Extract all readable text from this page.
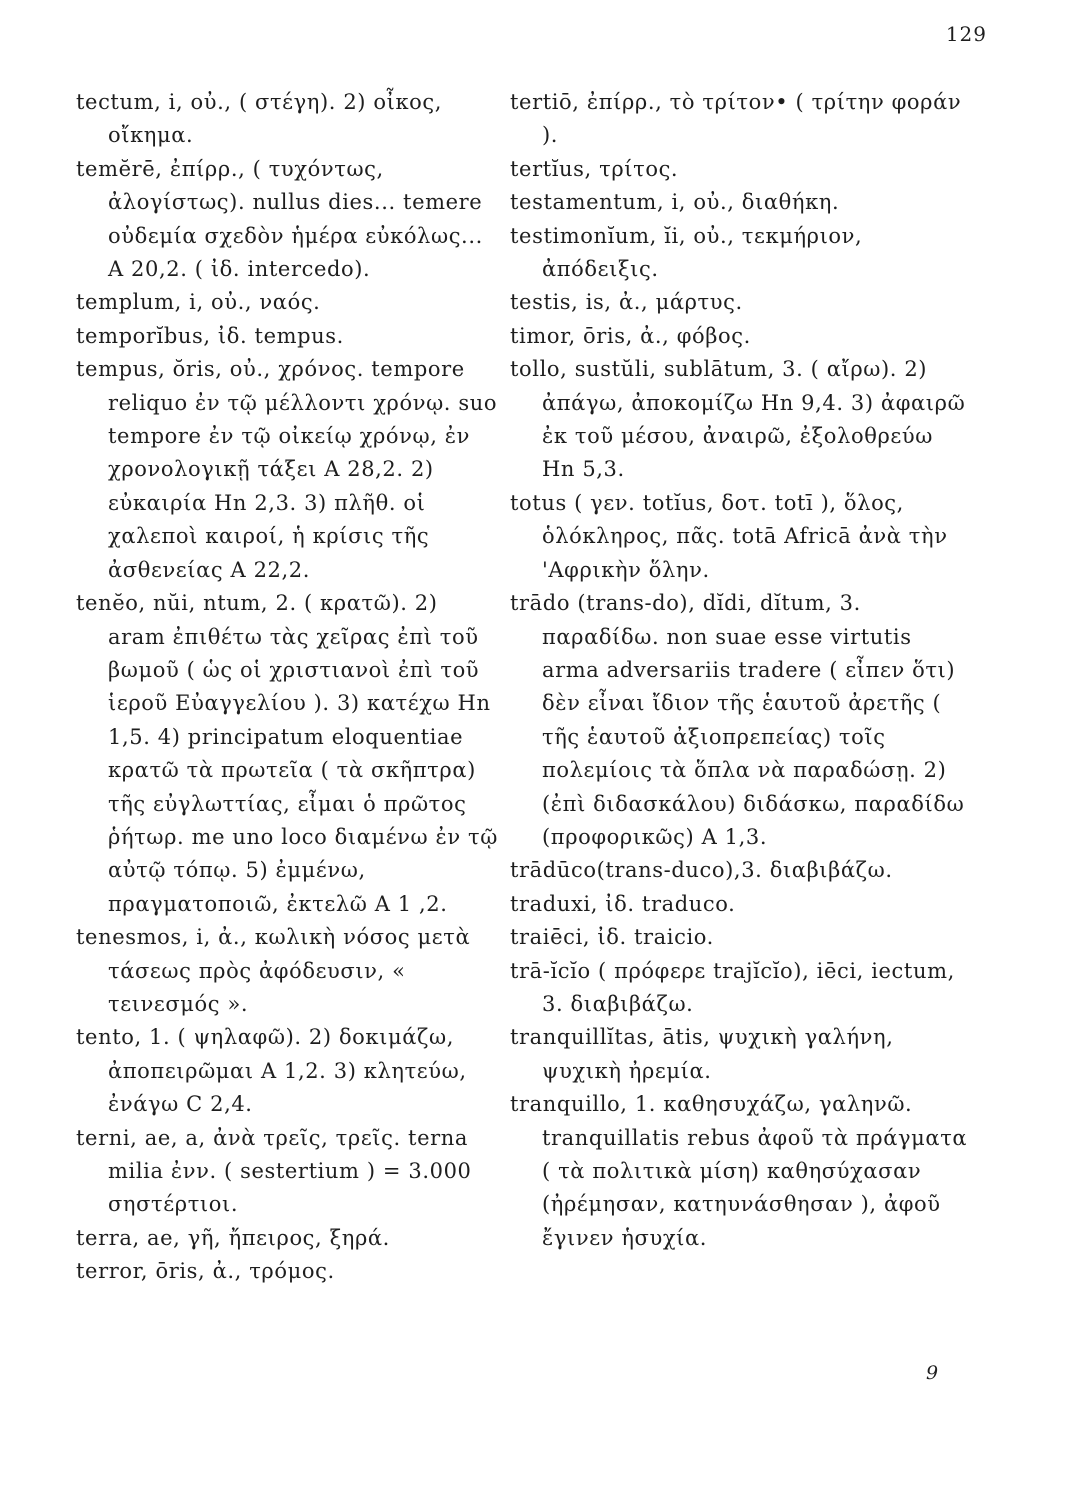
129

tectum, i, οὐ., ( στέγη). 2) οἶκος, οἴκημα.

temĕrē, ἐπίρρ., ( τυχόντως, ἀλογίστως). nullus dies... temere οὐδεμία σχεδὸν ἡμέρα εὐκόλως... A 20,2. ( ἰδ. intercedo).

templum, i, οὐ., ναός.

temporĭbus, ἰδ. tempus.

tempus, ŏris, οὐ., χρόνος. tempore reliquo ἐν τῷ μέλλοντι χρόνῳ. suo tempore ἐν τῷ οἰκείῳ χρόνῳ, ἐν χρονολογικῇ τάξει A 28,2. 2) εὐκαιρία Hn 2,3. 3) πλῆθ. οἱ χαλεποὶ καιροί, ἡ κρίσις τῆς ἀσθενείας A 22,2.

tenĕo, nŭi, ntum, 2. ( κρατῶ). 2) aram ἐπιθέτω τὰς χεῖρας ἐπὶ τοῦ βωμοῦ ( ὡς οἱ χριστιανοὶ ἐπὶ τοῦ ἱεροῦ Εὐαγγελίου ). 3) κατέχω Hn 1,5. 4) principatum eloquentiae κρατῶ τὰ πρωτεῖα ( τὰ σκῆπτρα) τῆς εὐγλωττίας, εἶμαι ὁ πρῶτος ῥήτωρ. me uno loco διαμένω ἐν τῷ αὐτῷ τόπῳ. 5) ἐμμένω, πραγματοποιῶ, ἐκτελῶ A 1 ,2.

tenesmos, i, ἀ., κωλικὴ νόσος μετὰ τάσεως πρὸς ἀφόδευσιν, « τεινεσμός ».

tento, 1. ( ψηλαφῶ). 2) δοκιμάζω, ἀποπειρῶμαι A 1,2. 3) κλητεύω, ἐνάγω C 2,4.

terni, ae, a, ἀνὰ τρεῖς, τρεῖς. terna milia ἐνν. ( sestertium ) = 3.000 σηστέρτιοι.

terra, ae, γῆ, ἤπειρος, ξηρά.

terror, ōris, ἀ., τρόμος.

tertiō, ἐπίρρ., τὸ τρίτον• ( τρίτην φοράν ).

tertĭus, τρίτος.

testamentum, i, οὐ., διαθήκη.

testimonĭum, ĭi, οὐ., τεκμήριον, ἀπόδειξις.

testis, is, ἀ., μάρτυς.

timor, ōris, ἀ., φόβος.

tollo, sustŭli, sublātum, 3. ( αἴρω). 2) ἀπάγω, ἀποκομίζω Hn 9,4. 3) ἀφαιρῶ ἐκ τοῦ μέσου, ἀναιρῶ, ἐξολοθρεύω Hn 5,3.

totus ( γεν. totĭus, δοτ. totī ), ὅλος, ὁλόκληρος, πᾶς. totā Africā ἀνὰ τὴν 'Αφρικὴν ὅλην.

trādo (trans-do), dĭdi, dĭtum, 3. παραδίδω. non suae esse virtutis arma adversariis tradere ( εἶπεν ὅτι) δὲν εἶναι ἴδιον τῆς ἑαυτοῦ ἀρετῆς ( τῆς ἑαυτοῦ ἀξιοπρεπείας) τοῖς πολεμίοις τὰ ὅπλα νὰ παραδώσῃ. 2) (ἐπὶ διδασκάλου) διδάσκω, παραδίδω (προφορικῶς) A 1,3.

trādūco(trans-duco),3. διαβιβάζω.

traduxi, ἰδ. traduco.

traiēci, ἰδ. traicio.

trā-ĭcĭo ( πρόφερε trajĭcĭo), iēci, iectum, 3. διαβιβάζω.

tranquillĭtas, ātis, ψυχικὴ γαλήνη, ψυχικὴ ἠρεμία.

tranquillo, 1. καθησυχάζω, γαληνῶ. tranquillatis rebus ἀφοῦ τὰ πράγματα ( τὰ πολιτικὰ μίση) καθησύχασαν (ἠρέμησαν, κατηυνάσθησαν ), ἀφοῦ ἔγινεν ἡσυχία.

9
